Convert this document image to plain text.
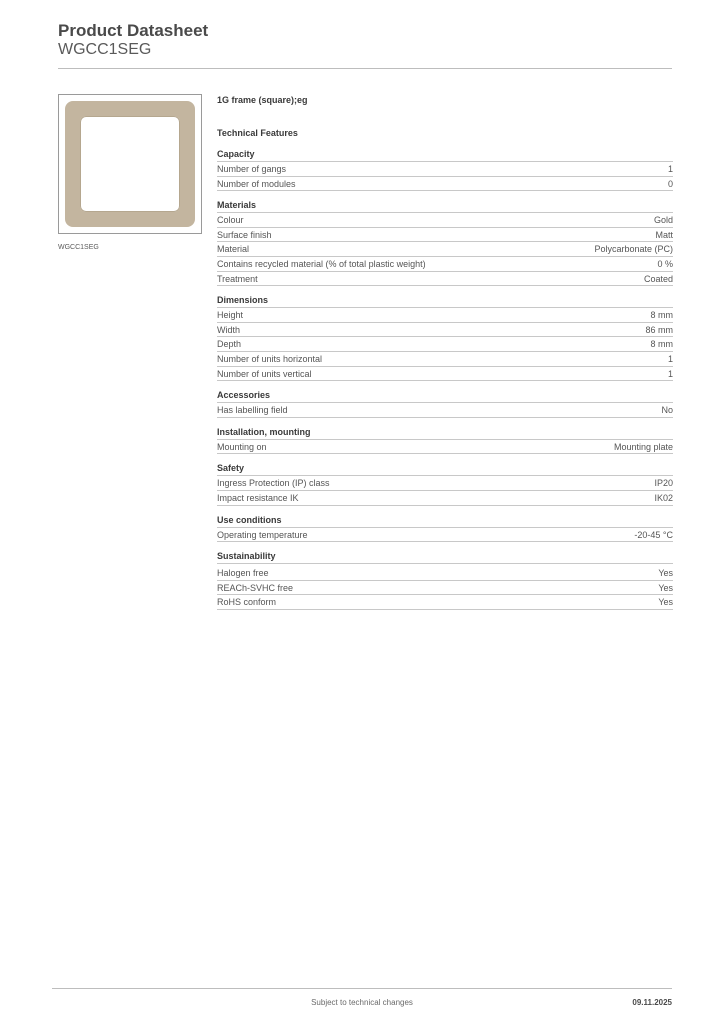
Product Datasheet
WGCC1SEG
WGCC1SEG
1G frame (square);eg
Technical Features
Capacity
Number of gangs	1
Number of modules	0
Materials
Colour	Gold
Surface finish	Matt
Material	Polycarbonate (PC)
Contains recycled material (% of total plastic weight)	0 %
Treatment	Coated
Dimensions
Height	8 mm
Width	86 mm
Depth	8 mm
Number of units horizontal	1
Number of units vertical	1
Accessories
Has labelling field	No
Installation, mounting
Mounting on	Mounting plate
Safety
Ingress Protection (IP) class	IP20
Impact resistance IK	IK02
Use conditions
Operating temperature	-20-45 °C
Sustainability
Halogen free	Yes
REACh-SVHC free	Yes
RoHS conform	Yes
Subject to technical changes	09.11.2025
